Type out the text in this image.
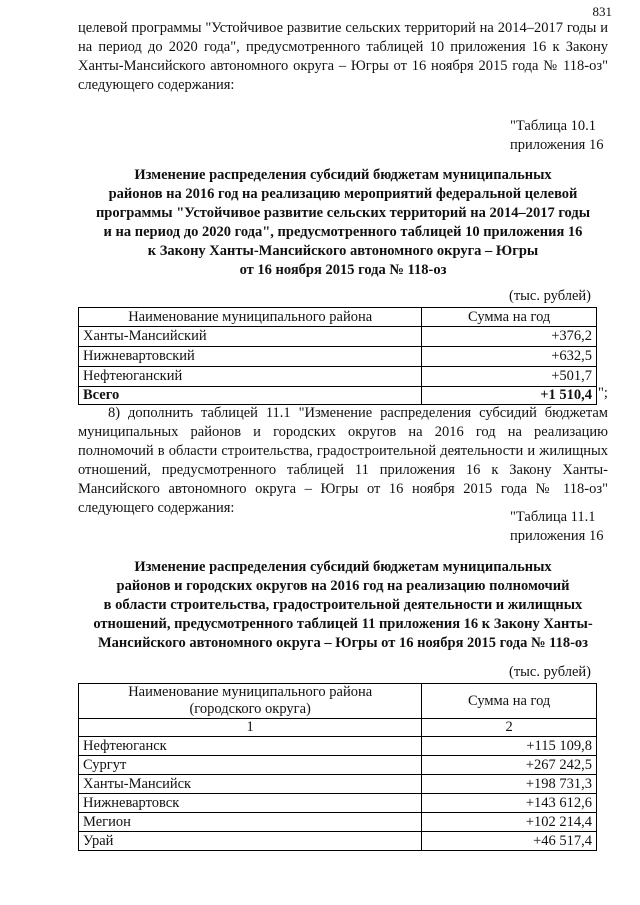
831
целевой программы "Устойчивое развитие сельских территорий на 2014–2017 годы и на период до 2020 года", предусмотренного таблицей 10 приложения 16 к Закону Ханты-Мансийского автономного округа – Югры от 16 ноября 2015 года № 118-оз" следующего содержания:
"Таблица 10.1
приложения 16
Изменение распределения субсидий бюджетам муниципальных
районов на 2016 год на реализацию мероприятий федеральной целевой
программы "Устойчивое развитие сельских территорий на 2014–2017 годы
и на период до 2020 года", предусмотренного таблицей 10 приложения 16
к Закону Ханты-Мансийского автономного округа – Югры
от 16 ноября 2015 года № 118-оз
(тыс. рублей)
Наименование муниципального района	Сумма на год
Ханты-Мансийский	+376,2
Нижневартовский	+632,5
Нефтеюганский	+501,7
Всего	+1 510,4 ";
8) дополнить таблицей 11.1 "Изменение распределения субсидий бюджетам муниципальных районов и городских округов на 2016 год на реализацию полномочий в области строительства, градостроительной деятельности и жилищных отношений, предусмотренного таблицей 11 приложения 16 к Закону Ханты-Мансийского автономного округа – Югры от 16 ноября 2015 года № 118-оз" следующего содержания:
"Таблица 11.1
приложения 16
Изменение распределения субсидий бюджетам муниципальных
районов и городских округов на 2016 год на реализацию полномочий
в области строительства, градостроительной деятельности и жилищных
отношений, предусмотренного таблицей 11 приложения 16 к Закону Ханты-
Мансийского автономного округа – Югры от 16 ноября 2015 года № 118-оз
(тыс. рублей)
Наименование муниципального района
(городского округа)	Сумма на год
1	2
Нефтеюганск	+115 109,8
Сургут	+267 242,5
Ханты-Мансийск	+198 731,3
Нижневартовск	+143 612,6
Мегион	+102 214,4
Урай	+46 517,4
